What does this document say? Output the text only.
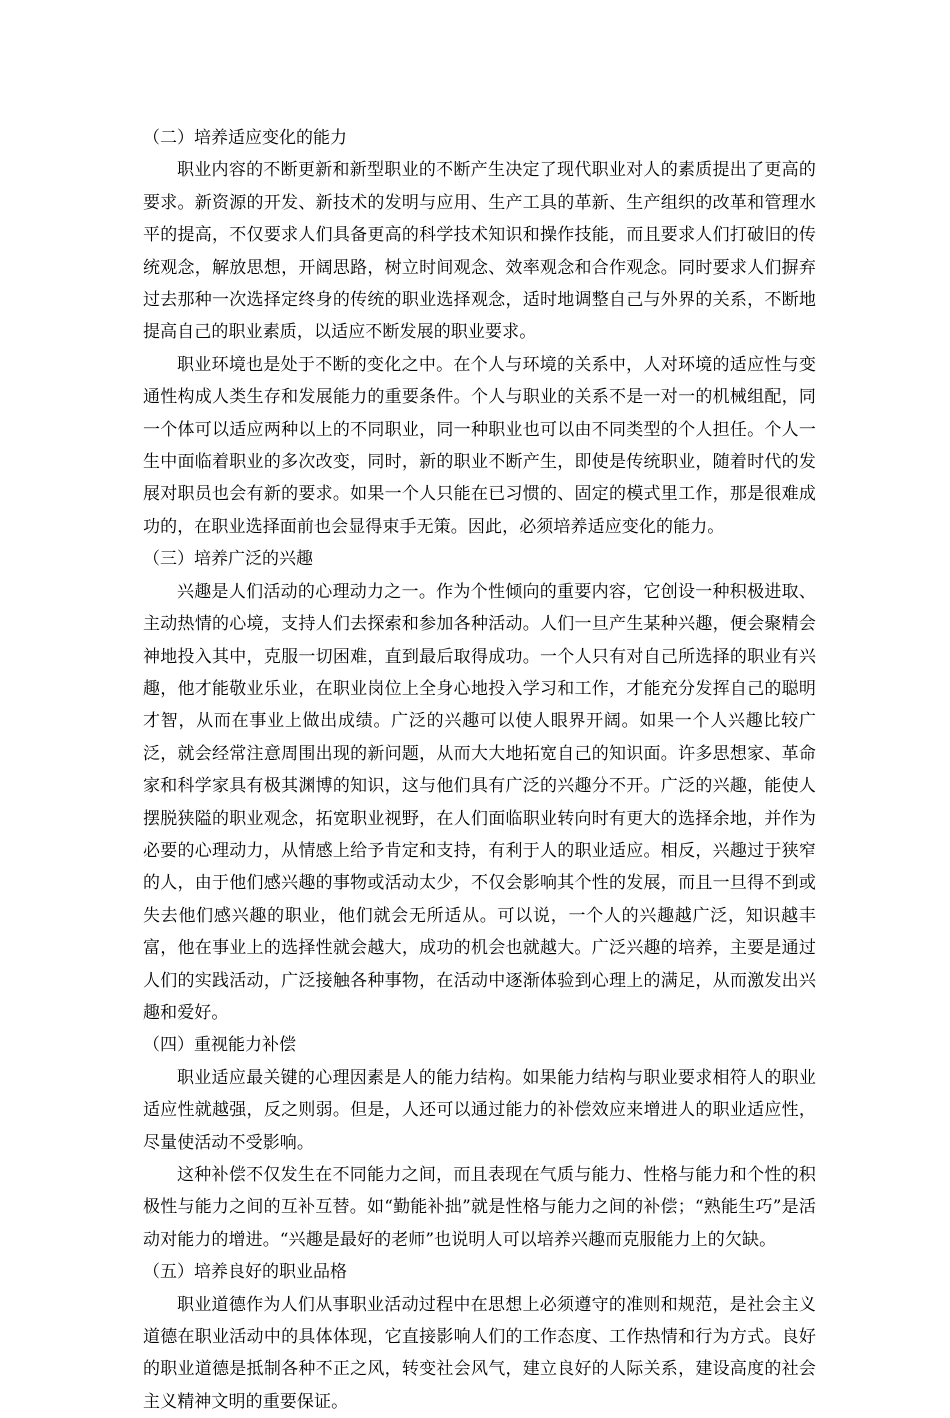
（二）培养适应变化的能力

职业内容的不断更新和新型职业的不断产生决定了现代职业对人的素质提出了更高的要求。新资源的开发、新技术的发明与应用、生产工具的革新、生产组织的改革和管理水平的提高，不仅要求人们具备更高的科学技术知识和操作技能，而且要求人们打破旧的传统观念，解放思想，开阔思路，树立时间观念、效率观念和合作观念。同时要求人们摒弃过去那种一次选择定终身的传统的职业选择观念，适时地调整自己与外界的关系，不断地提高自己的职业素质，以适应不断发展的职业要求。

职业环境也是处于不断的变化之中。在个人与环境的关系中，人对环境的适应性与变通性构成人类生存和发展能力的重要条件。个人与职业的关系不是一对一的机械组配，同一个体可以适应两种以上的不同职业，同一种职业也可以由不同类型的个人担任。个人一生中面临着职业的多次改变，同时，新的职业不断产生，即使是传统职业，随着时代的发展对职员也会有新的要求。如果一个人只能在已习惯的、固定的模式里工作，那是很难成功的，在职业选择面前也会显得束手无策。因此，必须培养适应变化的能力。

（三）培养广泛的兴趣

兴趣是人们活动的心理动力之一。作为个性倾向的重要内容，它创设一种积极进取、主动热情的心境，支持人们去探索和参加各种活动。人们一旦产生某种兴趣，便会聚精会神地投入其中，克服一切困难，直到最后取得成功。一个人只有对自己所选择的职业有兴趣，他才能敬业乐业，在职业岗位上全身心地投入学习和工作，才能充分发挥自己的聪明才智，从而在事业上做出成绩。广泛的兴趣可以使人眼界开阔。如果一个人兴趣比较广泛，就会经常注意周围出现的新问题，从而大大地拓宽自己的知识面。许多思想家、革命家和科学家具有极其渊博的知识，这与他们具有广泛的兴趣分不开。广泛的兴趣，能使人摆脱狭隘的职业观念，拓宽职业视野，在人们面临职业转向时有更大的选择余地，并作为必要的心理动力，从情感上给予肯定和支持，有利于人的职业适应。相反，兴趣过于狭窄的人，由于他们感兴趣的事物或活动太少，不仅会影响其个性的发展，而且一旦得不到或失去他们感兴趣的职业，他们就会无所适从。可以说，一个人的兴趣越广泛，知识越丰富，他在事业上的选择性就会越大，成功的机会也就越大。广泛兴趣的培养，主要是通过人们的实践活动，广泛接触各种事物，在活动中逐渐体验到心理上的满足，从而激发出兴趣和爱好。

（四）重视能力补偿

职业适应最关键的心理因素是人的能力结构。如果能力结构与职业要求相符人的职业适应性就越强，反之则弱。但是，人还可以通过能力的补偿效应来增进人的职业适应性，尽量使活动不受影响。

这种补偿不仅发生在不同能力之间，而且表现在气质与能力、性格与能力和个性的积极性与能力之间的互补互替。如“勤能补拙”就是性格与能力之间的补偿；“熟能生巧”是活动对能力的增进。“兴趣是最好的老师”也说明人可以培养兴趣而克服能力上的欠缺。

（五）培养良好的职业品格

职业道德作为人们从事职业活动过程中在思想上必须遵守的准则和规范，是社会主义道德在职业活动中的具体体现，它直接影响人们的工作态度、工作热情和行为方式。良好的职业道德是抵制各种不正之风，转变社会风气，建立良好的人际关系，建设高度的社会主义精神文明的重要保证。
